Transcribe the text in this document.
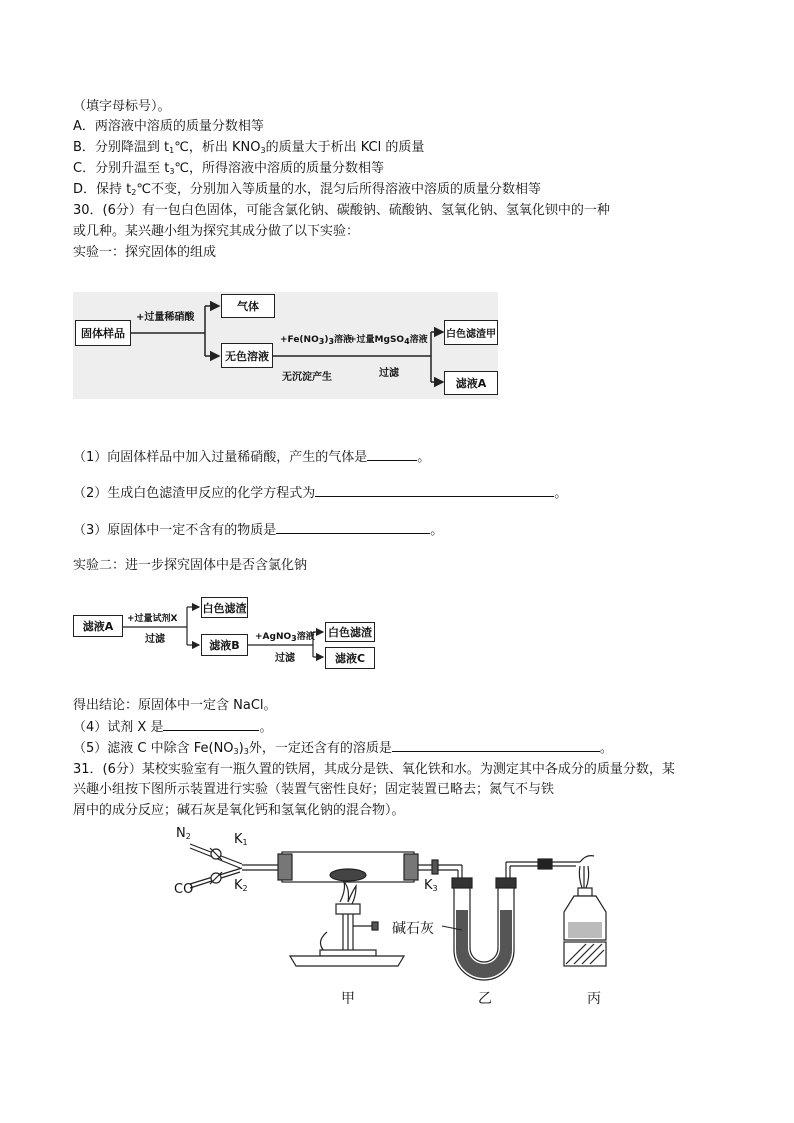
（填字母标号）。
A．两溶液中溶质的质量分数相等
B．分别降温到 $t_1℃$，析出 $KNO_3$的质量大于析出 KCl 的质量
C．分别升温至 $t_3℃$，所得溶液中溶质的质量分数相等
D．保持 $t_2℃$不变，分别加入等质量的水，混匀后所得溶液中溶质的质量分数相等
30．(6分）有一包白色固体，可能含氯化钠、碳酸钠、硫酸钠、氢氧化钠、氢氧化钡中的一种
或几种。某兴趣小组为探究其成分做了以下实验：
实验一：探究固体的组成
固体样品
+过量稀硝酸
气体
无色溶液
$+Fe(NO_3)_3$溶液
无沉淀产生
+过量MgSO$_4$溶液
过滤
白色滤渣甲
滤液A
（1）向固体样品中加入过量稀硝酸，产生的气体是	。
（2）生成白色滤渣甲反应的化学方程式为	。
（3）原固体中一定不含有的物质是	。
实验二：进一步探究固体中是否含氯化钠
滤液A
+过量试剂X
过滤
白色滤渣
滤液B
+AgNO$_3$溶液
过滤
白色滤渣
滤液C
得出结论：原固体中一定含 NaCl。
（4）试剂 X 是	。
（5）滤液 C 中除含 $Fe(NO_3)_3$外，一定还含有的溶质是	。
31．(6分）某校实验室有一瓶久置的铁屑，其成分是铁、氧化铁和水。为测定其中各成分的质量分数，某
兴趣小组按下图所示装置进行实验（装置气密性良好；固定装置已略去；氮气不与铁
屑中的成分反应；碱石灰是氧化钙和氢氧化钠的混合物）。
$N_2$
CO
$K_1$
$K_2$	$K_3$
碱石灰
甲	乙	丙
